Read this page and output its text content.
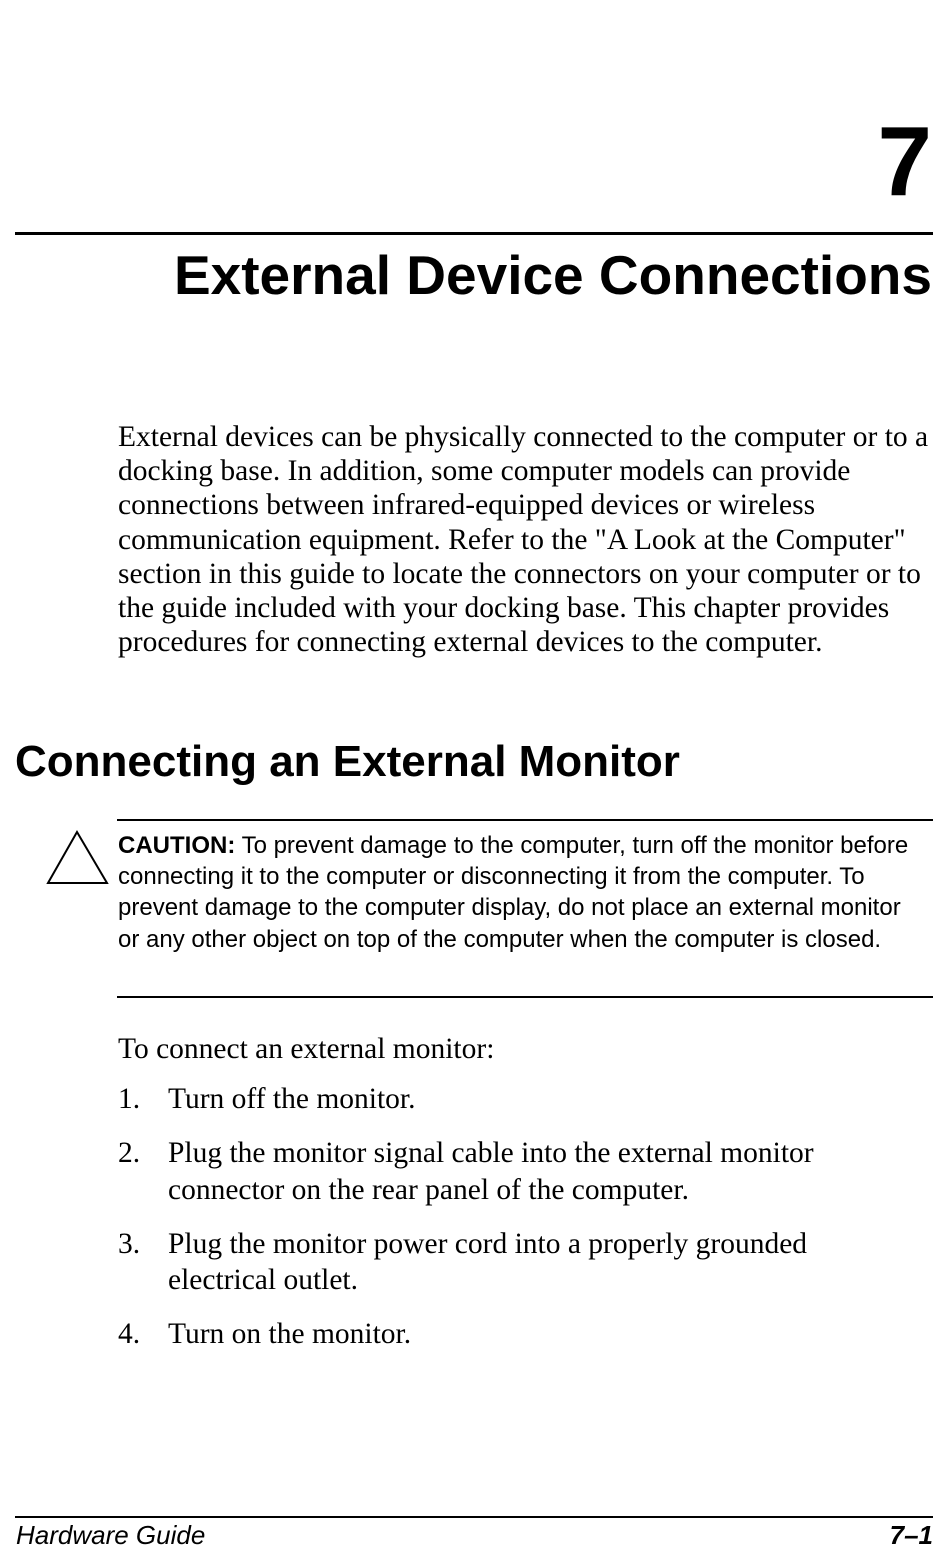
7
External Device Connections

External devices can be physically connected to the computer or to a docking base. In addition, some computer models can provide connections between infrared-equipped devices or wireless communication equipment. Refer to the "A Look at the Computer" section in this guide to locate the connectors on your computer or to the guide included with your docking base. This chapter provides procedures for connecting external devices to the computer.

Connecting an External Monitor

CAUTION: To prevent damage to the computer, turn off the monitor before connecting it to the computer or disconnecting it from the computer. To prevent damage to the computer display, do not place an external monitor or any other object on top of the computer when the computer is closed.

To connect an external monitor:

1. Turn off the monitor.
2. Plug the monitor signal cable into the external monitor connector on the rear panel of the computer.
3. Plug the monitor power cord into a properly grounded electrical outlet.
4. Turn on the monitor.
Hardware Guide	7–1
